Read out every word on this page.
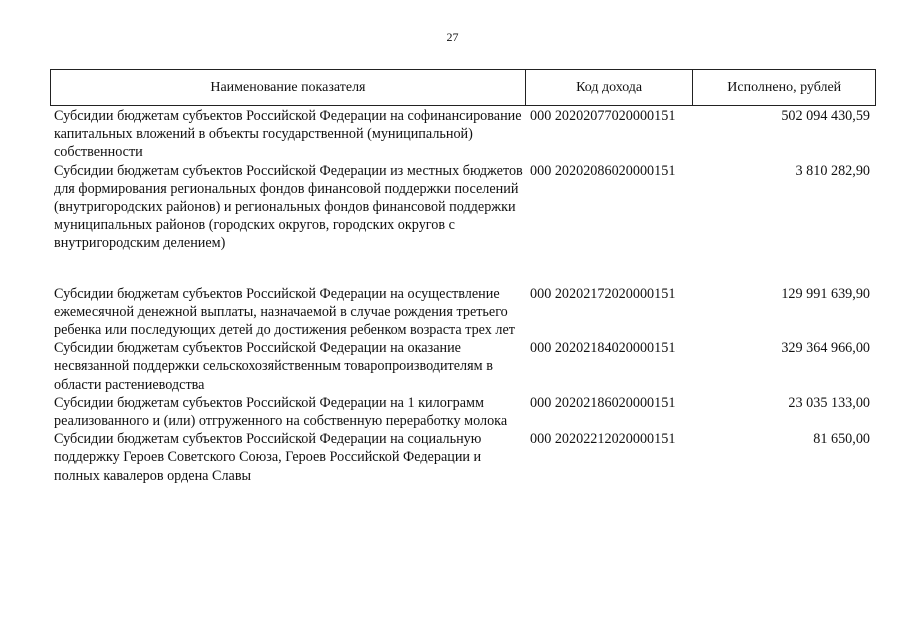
27
Наименование показателя	Код дохода	Исполнено, рублей
Субсидии бюджетам субъектов Российской Федерации на софинансирование капитальных вложений в объекты государственной (муниципальной) собственности
000 20202077020000151	502 094 430,59
Субсидии бюджетам субъектов Российской Федерации из местных бюджетов для формирования региональных фондов финансовой поддержки поселений (внутригородских районов) и региональных фондов финансовой поддержки муниципальных районов (городских округов, городских округов с внутригородским делением)
000 20202086020000151	3 810 282,90
Субсидии бюджетам субъектов Российской Федерации на осуществление ежемесячной денежной выплаты, назначаемой в случае рождения третьего ребенка или последующих детей до достижения ребенком возраста трех лет
000 20202172020000151	129 991 639,90
Субсидии бюджетам субъектов Российской Федерации на оказание несвязанной поддержки сельскохозяйственным товаропроизводителям в области растениеводства
000 20202184020000151	329 364 966,00
Субсидии бюджетам субъектов Российской Федерации на 1 килограмм реализованного и (или) отгруженного на собственную переработку молока
000 20202186020000151	23 035 133,00
Субсидии бюджетам субъектов Российской Федерации на социальную поддержку Героев Советского Союза, Героев Российской Федерации и полных кавалеров ордена Славы
000 20202212020000151	81 650,00
